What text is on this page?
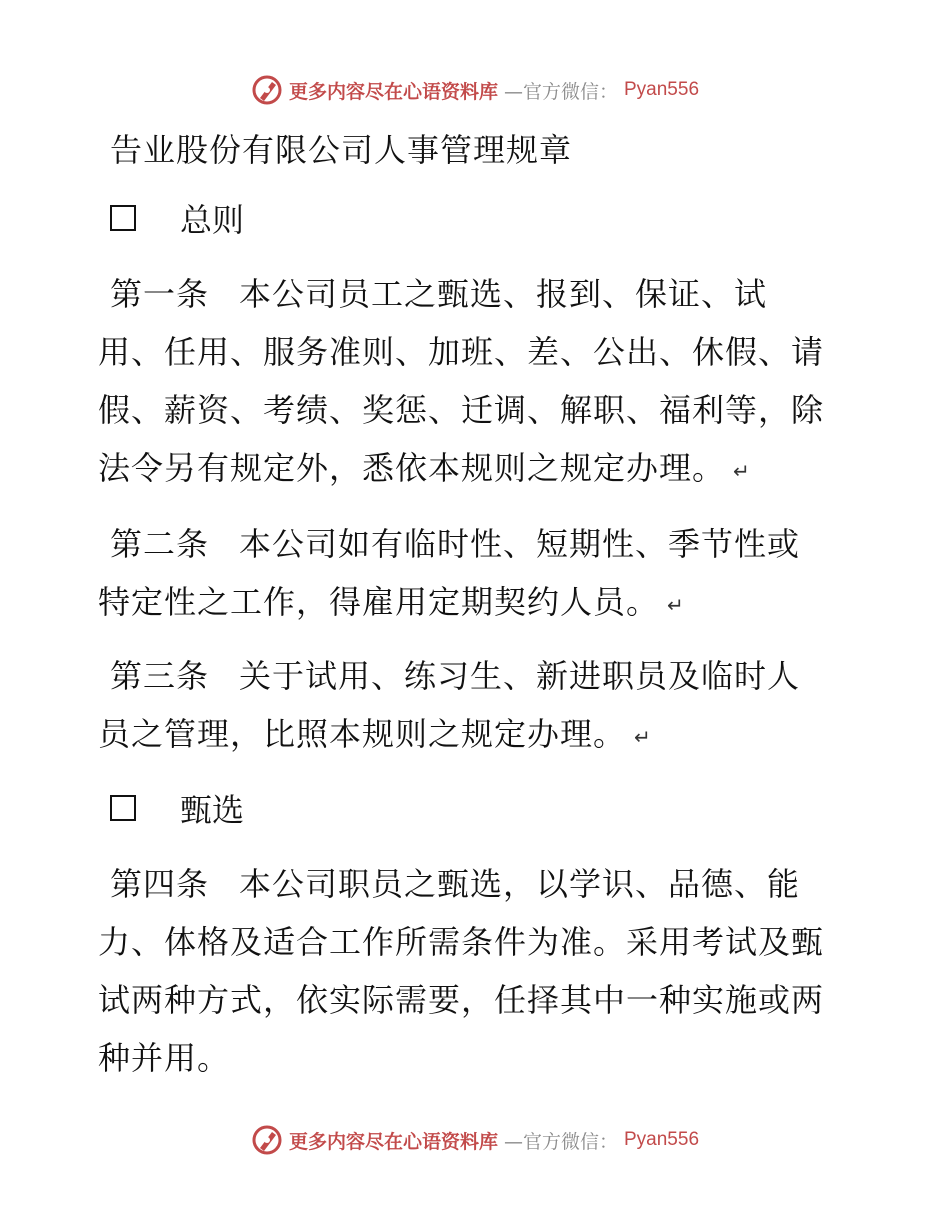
更多内容尽在心语资料库 —官方微信： Pyan556
告业股份有限公司人事管理规章
总则
第一条 本公司员工之甄选、报到、保证、试
用、任用、服务准则、加班、差、公出、休假、请
假、薪资、考绩、奖惩、迁调、解职、福利等，除
法令另有规定外，悉依本规则之规定办理。 ↵
第二条 本公司如有临时性、短期性、季节性或
特定性之工作，得雇用定期契约人员。 ↵
第三条 关于试用、练习生、新进职员及临时人
员之管理，比照本规则之规定办理。 ↵
甄选
第四条 本公司职员之甄选，以学识、品德、能
力、体格及适合工作所需条件为准。采用考试及甄
试两种方式，依实际需要，任择其中一种实施或两
种并用。
更多内容尽在心语资料库 —官方微信： Pyan556
